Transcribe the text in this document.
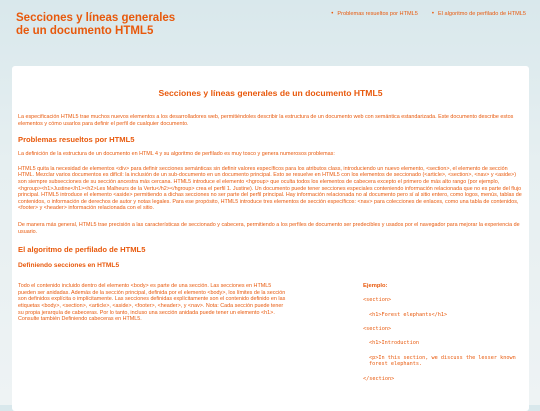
Secciones y líneas generales
de un documento HTML5
• Problemas resueltos por HTML5 • El algoritmo de perfilado de HTML5
Secciones y líneas generales de un documento HTML5

La especificación HTML5 trae muchos nuevos elementos a los desarrolladores web, permitiéndoles describir la estructura de un documento web con semántica estandarizada. Este documento describe estos elementos y cómo usarlos para definir el perfil de cualquier documento.

Problemas resueltos por HTML5

La definición de la estructura de un documento en HTML 4 y su algoritmo de perfilado es muy tosco y genera numerosos problemas:

HTML5 quita la necesidad de elementos <div> para definir secciones semánticas sin definir valores específicos para los atributos class, introduciendo un nuevo elemento, <section>, el elemento de sección HTML. Mezclar varios documentos es difícil: la inclusión de un sub-documento en un documento principal. Esto se resuelve en HTML5 con los elementos de seccionado (<article>, <section>, <nav> y <aside>) son siempre subsecciones de su sección ancestra más cercana. HTML5 introduce el elemento <hgroup> que oculta todos los elementos de cabecera excepto el primero de más alto rango (por ejemplo, <hgroup><h1>Justine</h1><h2>Les Malheurs de la Vertu</h2></hgroup> crea el perfil 1. Justine). Un documento puede tener secciones especiales conteniendo información relacionada que no es parte del flujo principal. HTML5 introduce el elemento <aside> permitiendo a dichas secciones no ser parte del perfil principal. Hay información relacionada no al documento pero sí al sitio entero, como logos, menús, tablas de contenidos, o información de derechos de autor y notas legales. Para ese propósito, HTML5 introduce tres elementos de sección específicos: <nav> para colecciones de enlaces, como una tabla de contenidos, <footer> y <header> información relacionada con el sitio.

De manera más general, HTML5 trae precisión a las características de seccionado y cabecera, permitiendo a los perfiles de documento ser predecibles y usados por el navegador para mejorar la experiencia de usuario.

El algoritmo de perfilado de HTML5
Definiendo secciones en HTML5

Todo el contenido incluido dentro del elemento <body> es parte de una sección. Las secciones en HTML5 pueden ser anidadas. Además de la sección principal, definida por el elemento <body>, los límites de la sección son definidos explícita o implícitamente. Las secciones definidas explícitamente son el contenido definido en las etiquetas <body>, <section>, <article>, <aside>, <footer>, <header>, y <nav>. Nota: Cada sección puede tener su propia jerarquía de cabeceras. Por lo tanto, incluso una sección anidada puede tener un elemento <h1>. Consulte también Definiendo cabeceras en HTML5.

Ejemplo:
<section>
<h1>Forest elephants</h1>
<section>
<h1>Introduction
<p>In this section, we discuss the lesser known forest elephants.
</section>
